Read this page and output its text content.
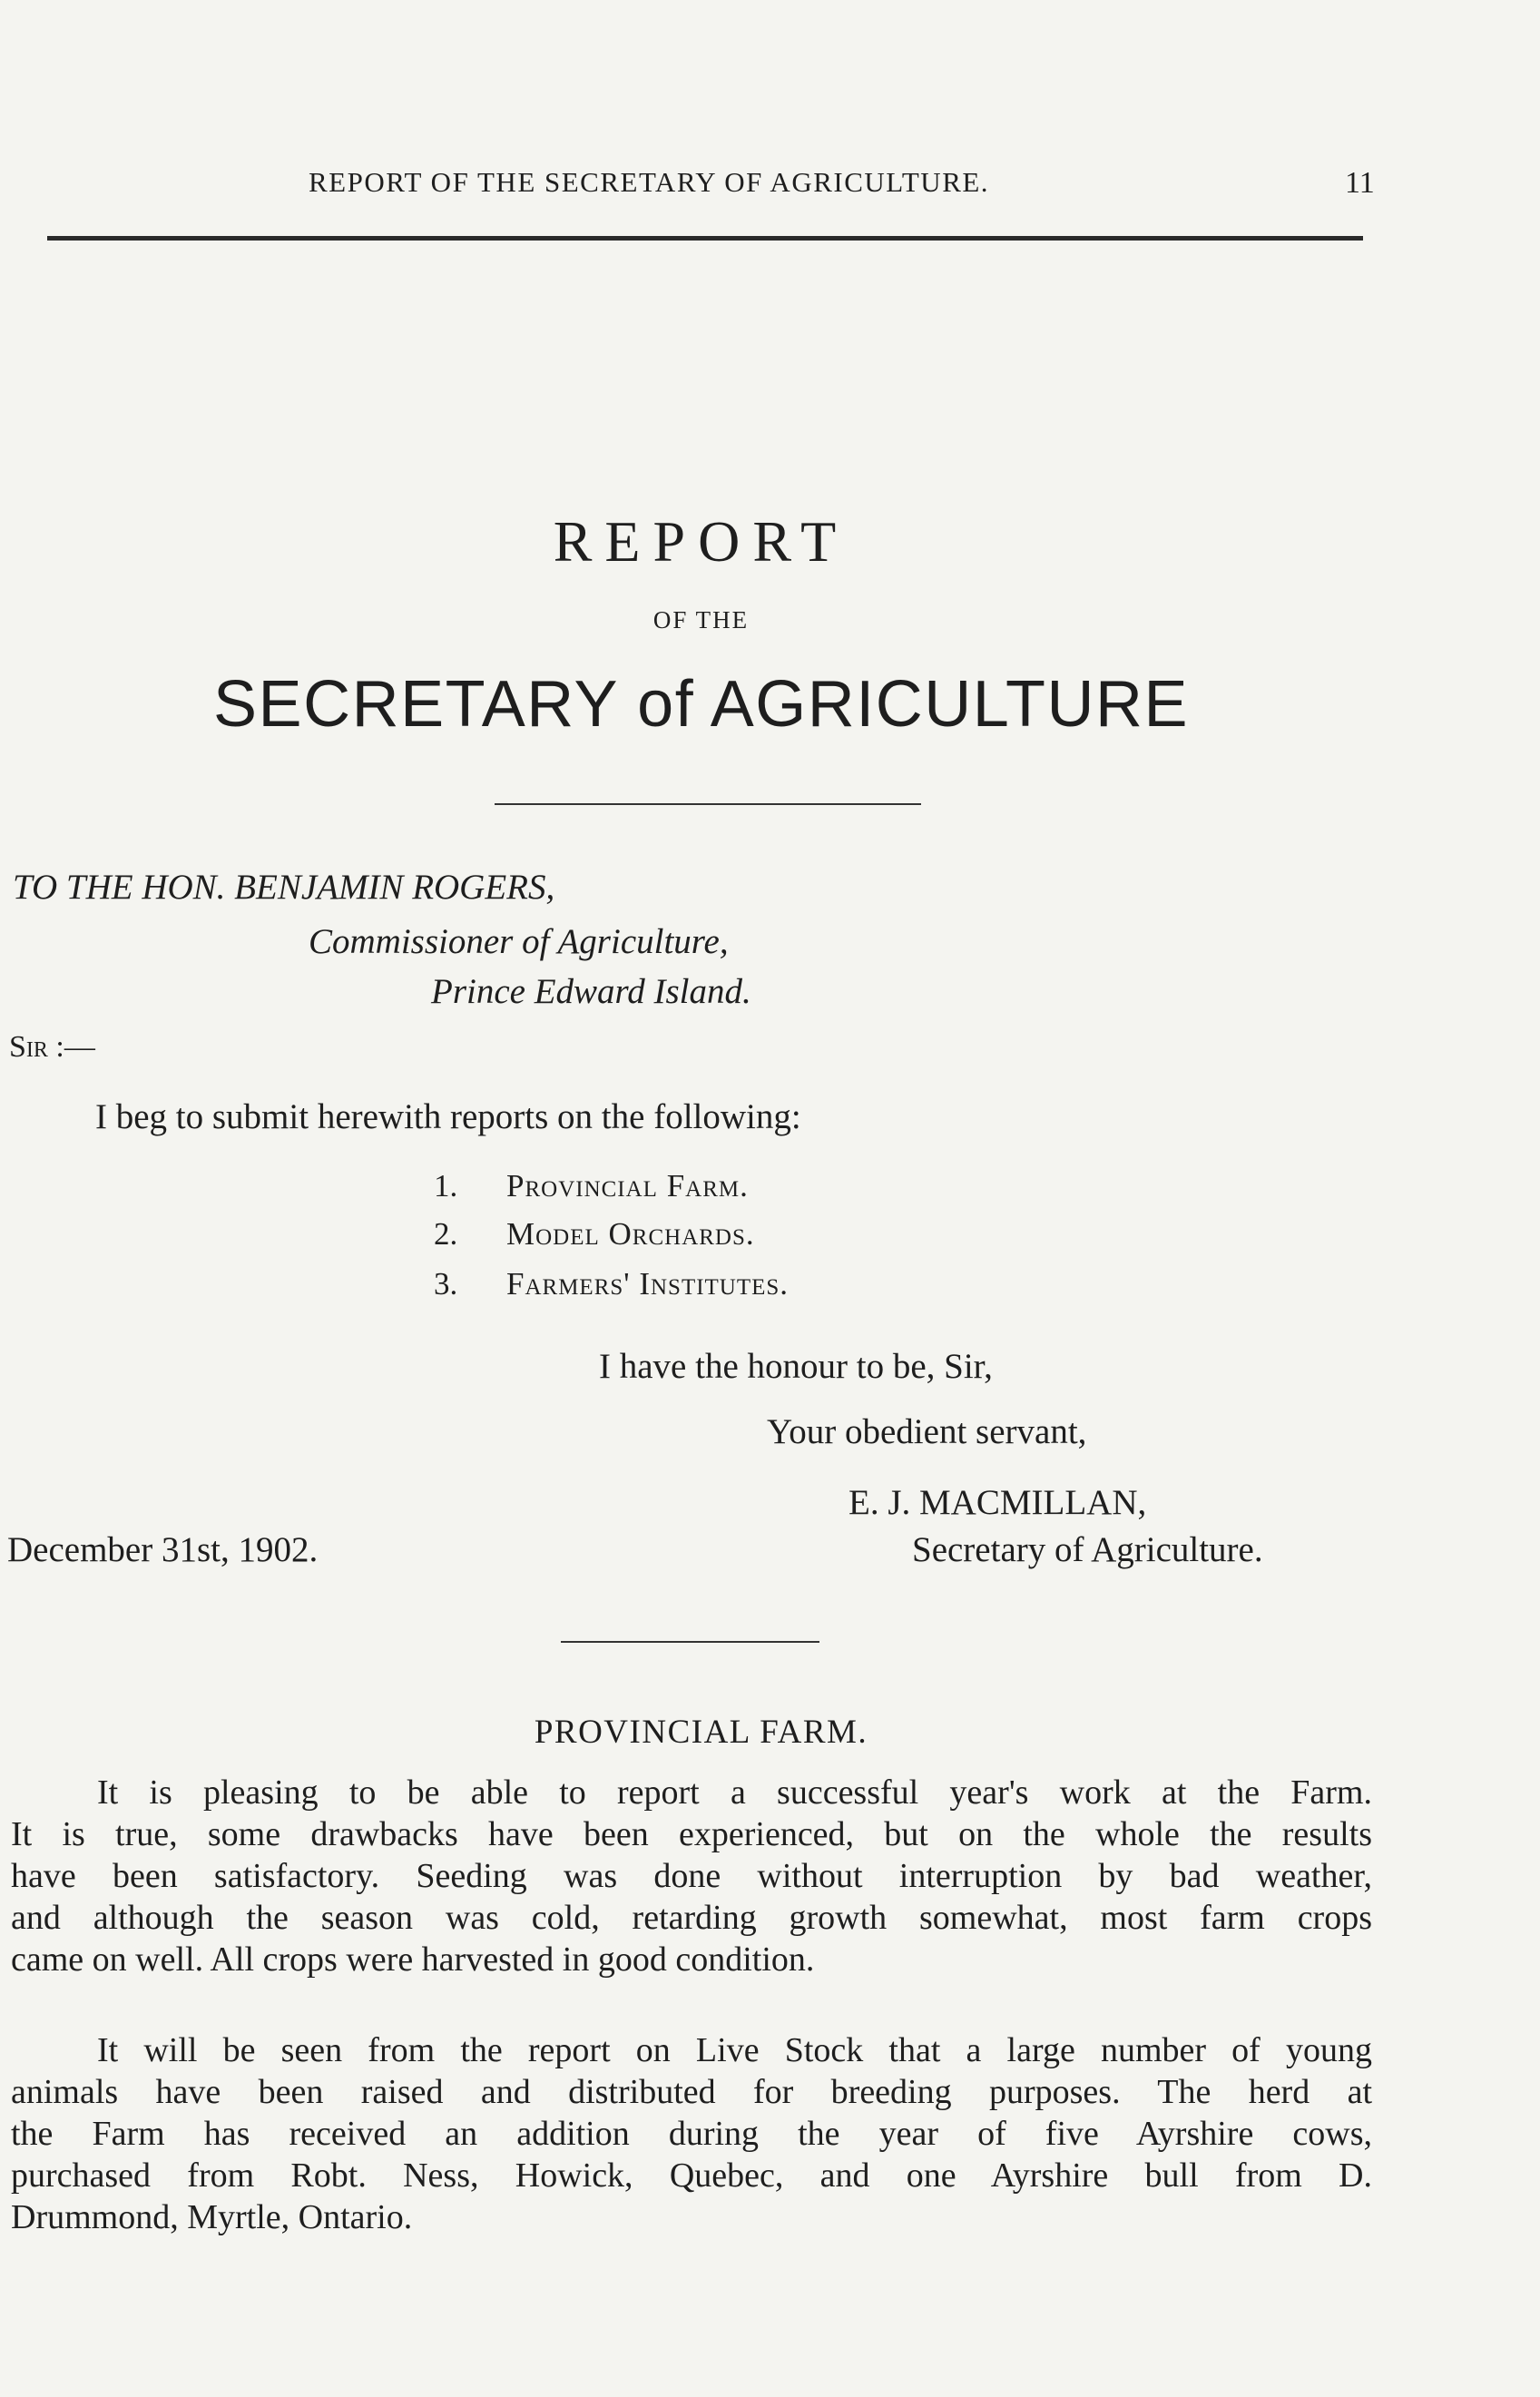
REPORT OF THE SECRETARY OF AGRICULTURE.	11
REPORT
OF THE
SECRETARY of AGRICULTURE
TO THE HON. BENJAMIN ROGERS,
Commissioner of Agriculture,
Prince Edward Island.
Sir :—
I beg to submit herewith reports on the following:
1. Provincial Farm.
2. Model Orchards.
3. Farmers' Institutes.
I have the honour to be, Sir,
Your obedient servant,
E. J. MACMILLAN,
December 31st, 1902.	Secretary of Agriculture.
PROVINCIAL FARM.
It is pleasing to be able to report a successful year's work at the Farm.
It is true, some drawbacks have been experienced, but on the whole the results
have been satisfactory. Seeding was done without interruption by bad weather,
and although the season was cold, retarding growth somewhat, most farm crops
came on well. All crops were harvested in good condition.
It will be seen from the report on Live Stock that a large number of young
animals have been raised and distributed for breeding purposes. The herd at
the Farm has received an addition during the year of five Ayrshire cows,
purchased from Robt. Ness, Howick, Quebec, and one Ayrshire bull from D.
Drummond, Myrtle, Ontario.
